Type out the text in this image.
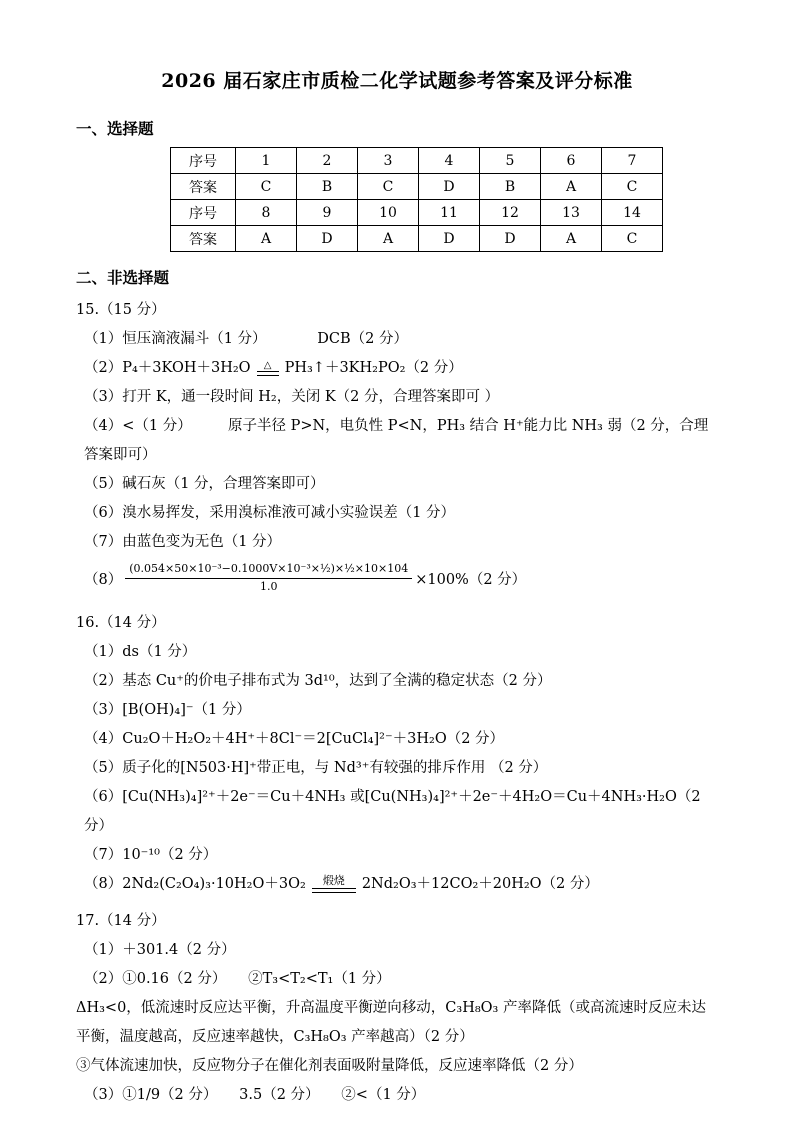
2026 届石家庄市质检二化学试题参考答案及评分标准
一、选择题
序号	1	2	3	4	5	6	7
答案	C	B	C	D	B	A	C
序号	8	9	10	11	12	13	14
答案	A	D	A	D	D	A	C
二、非选择题

15.（15 分）

（1）恒压滴液漏斗（1 分）　　　　DCB（2 分）

（2）P₄＋3KOH＋3H₂O △ PH₃↑＋3KH₂PO₂（2 分）

（3）打开 K，通一段时间 H₂，关闭 K（2 分，合理答案即可 ）

（4）<（1 分）　　　原子半径 P>N，电负性 P<N，PH₃ 结合 H⁺能力比 NH₃ 弱（2 分，合理答案即可）

（5）碱石灰（1 分，合理答案即可）

（6）溴水易挥发，采用溴标准液可减小实验误差（1 分）

（7）由蓝色变为无色（1 分）

$(8) \frac{\text{(0.054×50×10⁻³−0.1000V×10⁻³×½)×½×10×104}}{1.0} \times 100\%(2$ 分）

16.（14 分）

（1）ds（1 分）

（2）基态 Cu⁺的价电子排布式为 3d¹⁰，达到了全满的稳定状态（2 分）

（3）[B(OH)₄]⁻（1 分）

（4）Cu₂O＋H₂O₂＋4H⁺＋8Cl⁻＝2[CuCl₄]²⁻＋3H₂O（2 分）

（5）质子化的[N503·H]⁺带正电，与 Nd³⁺有较强的排斥作用 （2 分）

（6）[Cu(NH₃)₄]²⁺＋2e⁻＝Cu＋4NH₃ 或[Cu(NH₃)₄]²⁺＋2e⁻＋4H₂O＝Cu＋4NH₃·H₂O（2 分）

（7）10⁻¹⁰（2 分）

（8）2Nd₂(C₂O₄)₃·10H₂O＋3O₂ 煅烧 2Nd₂O₃＋12CO₂＋20H₂O（2 分）

17.（14 分）

（1）＋301.4（2 分）

（2）①0.16（2 分）　　②T₃<T₂<T₁（1 分）

ΔH₃<0，低流速时反应达平衡，升高温度平衡逆向移动，C₃H₈O₃ 产率降低（或高流速时反应未达平衡，温度越高，反应速率越快，C₃H₈O₃ 产率越高）（2 分）

③气体流速加快，反应物分子在催化剂表面吸附量降低，反应速率降低（2 分）

（3）①1/9（2 分）　　3.5（2 分）　　②<（1 分）
